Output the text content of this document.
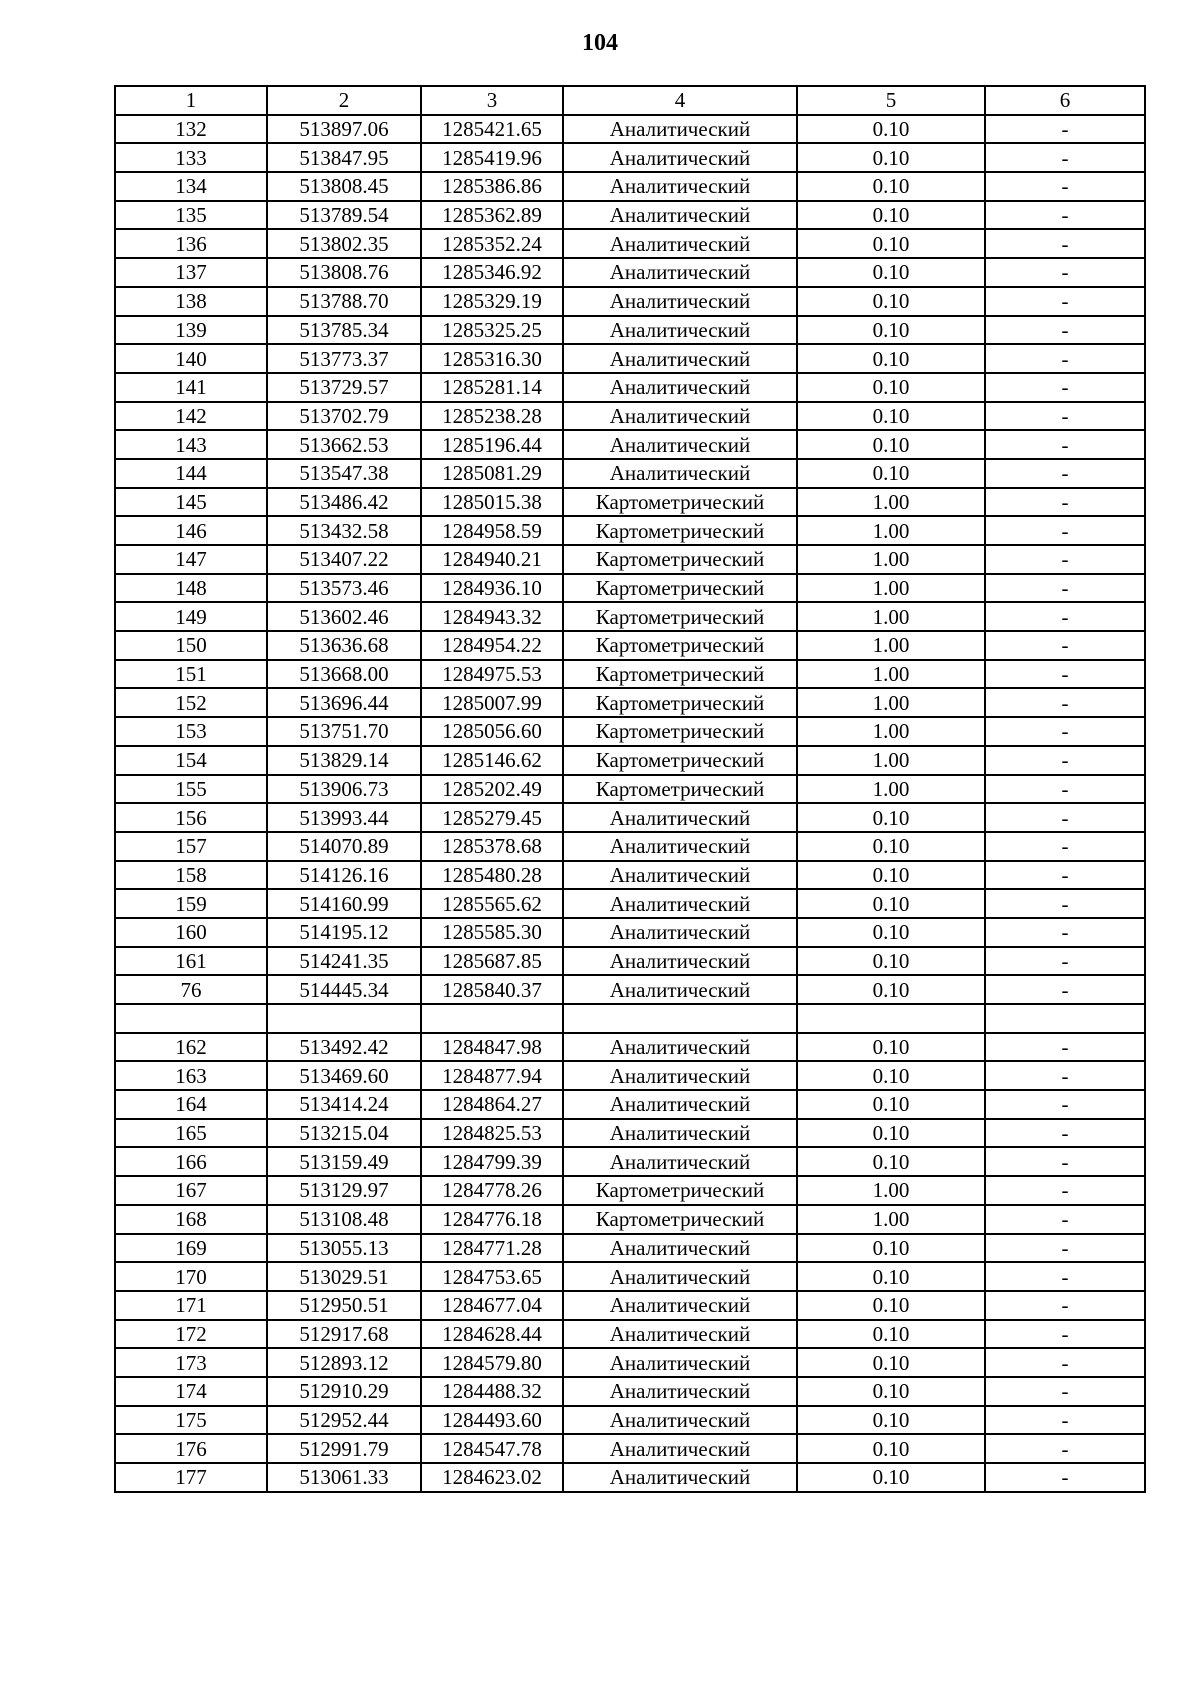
104
1	2	3	4	5	6
132	513897.06	1285421.65	Аналитический	0.10	-
133	513847.95	1285419.96	Аналитический	0.10	-
134	513808.45	1285386.86	Аналитический	0.10	-
135	513789.54	1285362.89	Аналитический	0.10	-
136	513802.35	1285352.24	Аналитический	0.10	-
137	513808.76	1285346.92	Аналитический	0.10	-
138	513788.70	1285329.19	Аналитический	0.10	-
139	513785.34	1285325.25	Аналитический	0.10	-
140	513773.37	1285316.30	Аналитический	0.10	-
141	513729.57	1285281.14	Аналитический	0.10	-
142	513702.79	1285238.28	Аналитический	0.10	-
143	513662.53	1285196.44	Аналитический	0.10	-
144	513547.38	1285081.29	Аналитический	0.10	-
145	513486.42	1285015.38	Картометрический	1.00	-
146	513432.58	1284958.59	Картометрический	1.00	-
147	513407.22	1284940.21	Картометрический	1.00	-
148	513573.46	1284936.10	Картометрический	1.00	-
149	513602.46	1284943.32	Картометрический	1.00	-
150	513636.68	1284954.22	Картометрический	1.00	-
151	513668.00	1284975.53	Картометрический	1.00	-
152	513696.44	1285007.99	Картометрический	1.00	-
153	513751.70	1285056.60	Картометрический	1.00	-
154	513829.14	1285146.62	Картометрический	1.00	-
155	513906.73	1285202.49	Картометрический	1.00	-
156	513993.44	1285279.45	Аналитический	0.10	-
157	514070.89	1285378.68	Аналитический	0.10	-
158	514126.16	1285480.28	Аналитический	0.10	-
159	514160.99	1285565.62	Аналитический	0.10	-
160	514195.12	1285585.30	Аналитический	0.10	-
161	514241.35	1285687.85	Аналитический	0.10	-
76	514445.34	1285840.37	Аналитический	0.10	-

162	513492.42	1284847.98	Аналитический	0.10	-
163	513469.60	1284877.94	Аналитический	0.10	-
164	513414.24	1284864.27	Аналитический	0.10	-
165	513215.04	1284825.53	Аналитический	0.10	-
166	513159.49	1284799.39	Аналитический	0.10	-
167	513129.97	1284778.26	Картометрический	1.00	-
168	513108.48	1284776.18	Картометрический	1.00	-
169	513055.13	1284771.28	Аналитический	0.10	-
170	513029.51	1284753.65	Аналитический	0.10	-
171	512950.51	1284677.04	Аналитический	0.10	-
172	512917.68	1284628.44	Аналитический	0.10	-
173	512893.12	1284579.80	Аналитический	0.10	-
174	512910.29	1284488.32	Аналитический	0.10	-
175	512952.44	1284493.60	Аналитический	0.10	-
176	512991.79	1284547.78	Аналитический	0.10	-
177	513061.33	1284623.02	Аналитический	0.10	-
